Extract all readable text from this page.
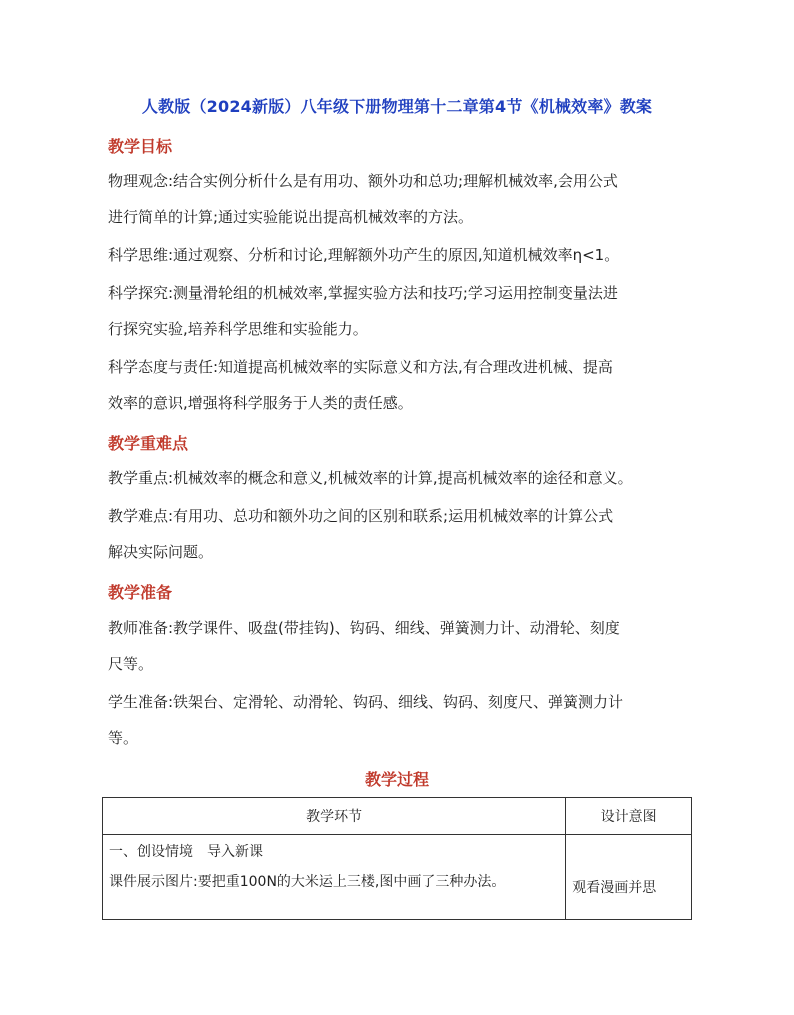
人教版（2024新版）八年级下册物理第十二章第4节《机械效率》教案
教学目标
物理观念:结合实例分析什么是有用功、额外功和总功;理解机械效率,会用公式
进行简单的计算;通过实验能说出提高机械效率的方法。
科学思维:通过观察、分析和讨论,理解额外功产生的原因,知道机械效率η<1。
科学探究:测量滑轮组的机械效率,掌握实验方法和技巧;学习运用控制变量法进
行探究实验,培养科学思维和实验能力。
科学态度与责任:知道提高机械效率的实际意义和方法,有合理改进机械、提高
效率的意识,增强将科学服务于人类的责任感。
教学重难点
教学重点:机械效率的概念和意义,机械效率的计算,提高机械效率的途径和意义。
教学难点:有用功、总功和额外功之间的区别和联系;运用机械效率的计算公式
解决实际问题。
教学准备
教师准备:教学课件、吸盘(带挂钩)、钩码、细线、弹簧测力计、动滑轮、刻度
尺等。
学生准备:铁架台、定滑轮、动滑轮、钩码、细线、钩码、刻度尺、弹簧测力计
等。
教学过程
教学环节	设计意图

一、创设情境　导入新课
课件展示图片:要把重100N的大米运上三楼,图中画了三种办法。	观看漫画并思
